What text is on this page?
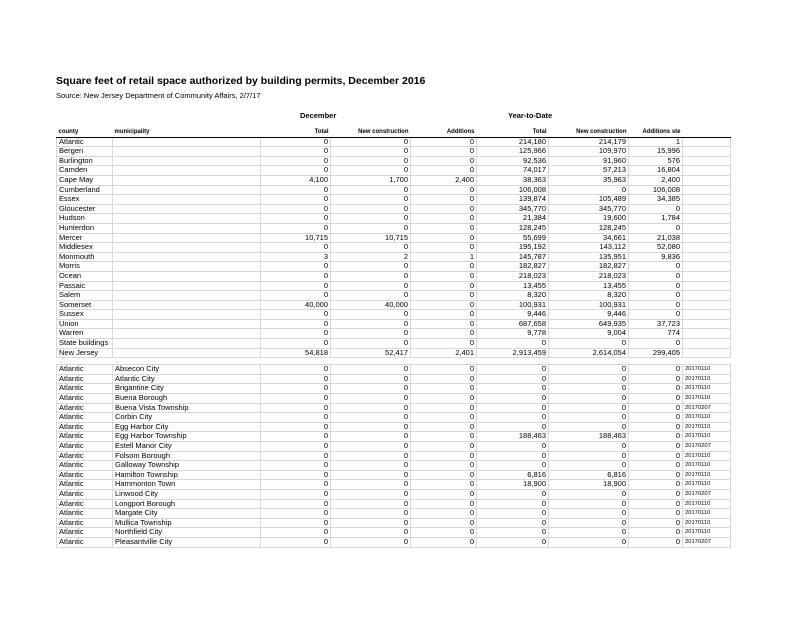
Square feet of retail space authorized by building permits, December 2016
Source: New Jersey Department of Community Affairs, 2/7/17
December	Year-to-Date
county	municipality	Total	New construction	Additions	Total	New construction	Additions ste	
Atlantic		0	0	0	214,180	214,179	1	
Bergen		0	0	0	125,966	109,970	15,996	
Burlington		0	0	0	92,536	91,960	576	
Camden		0	0	0	74,017	57,213	16,804	
Cape May		4,100	1,700	2,400	38,363	35,963	2,400	
Cumberland		0	0	0	106,008	0	106,008	
Essex		0	0	0	139,874	105,489	34,385	
Gloucester		0	0	0	345,770	345,770	0	
Hudson		0	0	0	21,384	19,600	1,784	
Hunterdon		0	0	0	128,245	128,245	0	
Mercer		10,715	10,715	0	55,699	34,661	21,038	
Middlesex		0	0	0	195,192	143,112	52,080	
Monmouth		3	2	1	145,787	135,951	9,836	
Morris		0	0	0	182,827	182,827	0	
Ocean		0	0	0	218,023	218,023	0	
Passaic		0	0	0	13,455	13,455	0	
Salem		0	0	0	8,320	8,320	0	
Somerset		40,000	40,000	0	100,931	100,931	0	
Sussex		0	0	0	9,446	9,446	0	
Union		0	0	0	687,658	649,935	37,723	
Warren		0	0	0	9,778	9,004	774	
State buildings		0	0	0	0	0	0	
New Jersey		54,818	52,417	2,401	2,913,459	2,614,054	299,405	

Atlantic	Absecon City	0	0	0	0	0	0	20170110
Atlantic	Atlantic City	0	0	0	0	0	0	20170110
Atlantic	Brigantine City	0	0	0	0	0	0	20170110
Atlantic	Buena Borough	0	0	0	0	0	0	20170110
Atlantic	Buena Vista Township	0	0	0	0	0	0	20170207
Atlantic	Corbin City	0	0	0	0	0	0	20170110
Atlantic	Egg Harbor City	0	0	0	0	0	0	20170110
Atlantic	Egg Harbor Township	0	0	0	188,463	188,463	0	20170110
Atlantic	Estell Manor City	0	0	0	0	0	0	20170207
Atlantic	Folsom Borough	0	0	0	0	0	0	20170110
Atlantic	Galloway Township	0	0	0	0	0	0	20170110
Atlantic	Hamilton Township	0	0	0	6,816	6,816	0	20170110
Atlantic	Hammonton Town	0	0	0	18,900	18,900	0	20170110
Atlantic	Linwood City	0	0	0	0	0	0	20170207
Atlantic	Longport Borough	0	0	0	0	0	0	20170110
Atlantic	Margate City	0	0	0	0	0	0	20170110
Atlantic	Mullica Township	0	0	0	0	0	0	20170110
Atlantic	Northfield City	0	0	0	0	0	0	20170110
Atlantic	Pleasantville City	0	0	0	0	0	0	20170207
